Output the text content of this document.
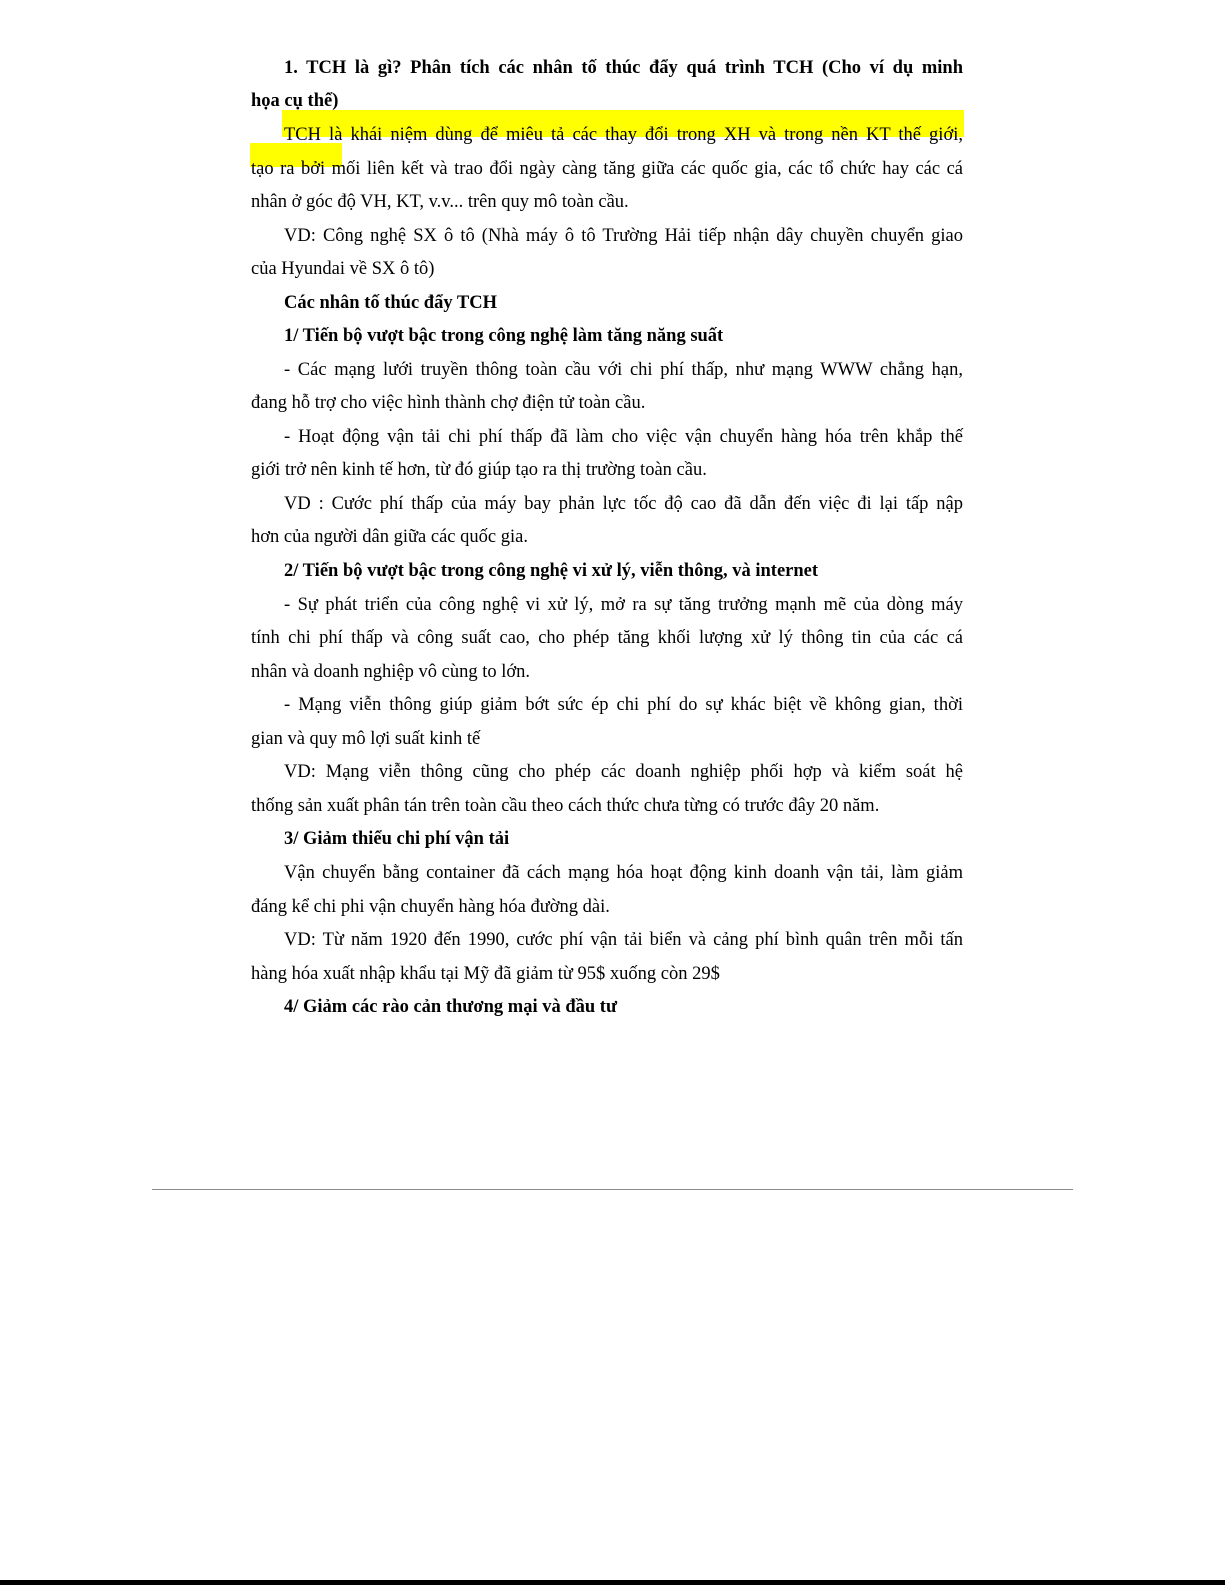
1. TCH là gì? Phân tích các nhân tố thúc đẩy quá trình TCH (Cho ví dụ minh

họa cụ thể)

TCH là khái niệm dùng để miêu tả các thay đổi trong XH và trong nền KT thế giới,

tạo ra bởi mối liên kết và trao đổi ngày càng tăng giữa các quốc gia, các tổ chức hay các cá

nhân ở góc độ VH, KT, v.v... trên quy mô toàn cầu.

VD: Công nghệ SX ô tô (Nhà máy ô tô Trường Hải tiếp nhận dây chuyền chuyển giao

của Hyundai về SX ô tô)

Các nhân tố thúc đẩy TCH

1/ Tiến bộ vượt bậc trong công nghệ làm tăng năng suất

- Các mạng lưới truyền thông toàn cầu với chi phí thấp, như mạng WWW chẳng hạn,

đang hỗ trợ cho việc hình thành chợ điện tử toàn cầu.

- Hoạt động vận tải chi phí thấp đã làm cho việc vận chuyển hàng hóa trên khắp thế

giới trở nên kinh tế hơn, từ đó giúp tạo ra thị trường toàn cầu.

VD : Cước phí thấp của máy bay phản lực tốc độ cao đã dẫn đến việc đi lại tấp nập

hơn của người dân giữa các quốc gia.

2/ Tiến bộ vượt bậc trong công nghệ vi xử lý, viễn thông, và internet

- Sự phát triển của công nghệ vi xử lý, mở ra sự tăng trưởng mạnh mẽ của dòng máy

tính chi phí thấp và công suất cao, cho phép tăng khối lượng xử lý thông tin của các cá

nhân và doanh nghiệp vô cùng to lớn.

- Mạng viễn thông giúp giảm bớt sức ép chi phí do sự khác biệt về không gian, thời

gian và quy mô lợi suất kinh tế

VD: Mạng viễn thông cũng cho phép các doanh nghiệp phối hợp và kiểm soát hệ

thống sản xuất phân tán trên toàn cầu theo cách thức chưa từng có trước đây 20 năm.

3/ Giảm thiểu chi phí vận tải

Vận chuyển bằng container đã cách mạng hóa hoạt động kinh doanh vận tải, làm giảm

đáng kể chi phi vận chuyển hàng hóa đường dài.

VD: Từ năm 1920 đến 1990, cước phí vận tải biển và cảng phí bình quân trên mỗi tấn

hàng hóa xuất nhập khẩu tại Mỹ đã giảm từ 95$ xuống còn 29$

4/ Giảm các rào cản thương mại và đầu tư
